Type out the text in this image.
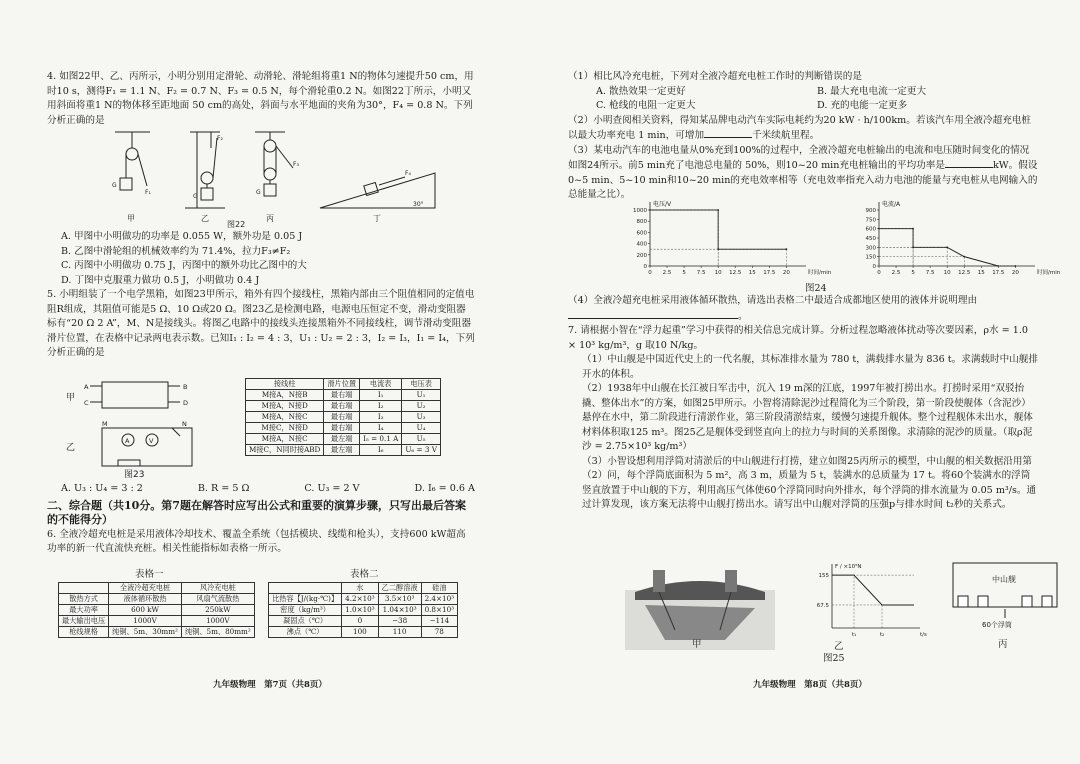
4. 如图22甲、乙、丙所示，小明分别用定滑轮、动滑轮、滑轮组将重1 N的物体匀速提升50 cm，用时10 s，测得F₁ = 1.1 N、F₂ = 0.7 N、F₃ = 0.5 N，每个滑轮重0.2 N。如图22丁所示，小明又用斜面将重1 N的物体移至距地面 50 cm的高处，斜面与水平地面的夹角为30°，F₄ = 0.8 N。下列分析正确的是

G
F₁
G
F₂
G
F₃
F₄
30°
甲	乙	丙	丁
图22

A. 甲图中小明做功的功率是 0.055 W，额外功是 0.05 J

B. 乙图中滑轮组的机械效率约为 71.4%，拉力F₃≠F₂

C. 丙图中小明做功 0.75 J，丙图中的额外功比乙图中的大

D. 丁图中克服重力做功 0.5 J，小明做功 0.4 J

5. 小明组装了一个电学黑箱，如图23甲所示，箱外有四个接线柱，黑箱内部由三个阻值相同的定值电阻R组成，其阻值可能是5 Ω、10 Ω或20 Ω。图23乙是检测电路，电源电压恒定不变，滑动变阻器标有“20 Ω 2 A”，M、N是接线头。将图乙电路中的接线头连接黑箱外不同接线柱，调节滑动变阻器滑片位置，在表格中记录两电表示数。已知I₁ : I₂ = 4 : 3，U₁ : U₂ = 2 : 3，I₂ = I₃，I₁ = I₄，下列分析正确的是

A
C
B
D
M	N
V
A
甲
乙
图23
接线柱	滑片位置	电流表	电压表
M接A，N接B	最右端	I₁	U₁
M接A，N接D	最右端	I₂	U₂
M接A，N接C	最右端	I₃	U₃
M接C，N接D	最右端	I₄	U₄
M接A，N接C	最左端	I₅ = 0.1 A	U₅
M接C，N同时接ABD	最左端	I₆	U₆ = 3 V
A. U₃ : U₄ = 3 : 2	B. R = 5 Ω	C. U₃ = 2 V	D. I₆ = 0.6 A

二、综合题（共10分。第7题在解答时应写出公式和重要的演算步骤，只写出最后答案的不能得分）

6. 全液冷超充电桩是采用液体冷却技术、覆盖全系统（包括模块、线缆和枪头），支持600 kW超高功率的新一代直流快充桩。相关性能指标如表格一所示。

表格一	表格二
	全液冷超充电桩	风冷充电桩
散热方式	液体循环散热	风扇气流散热
最大功率	600 kW	250kW
最大输出电压	1000V	1000V
枪线规格	纯铜、5m、30mm²	纯铜、5m、80mm²
	水	乙二醇溶液	硅油
比热容【J/(kg·℃)】	4.2×10³	3.5×10³	2.4×10³
密度（kg/m³）	1.0×10³	1.04×10³	0.8×10³
凝固点（℃）	0	−38	−114
沸点（℃）	100	110	78
九年级物理　第7页（共8页）

（1）相比风冷充电桩，下列对全液冷超充电桩工作时的判断错误的是

A. 散热效果一定更好	B. 最大充电电流一定更大
C. 枪线的电阻一定更大	D. 充的电能一定更多

（2）小明查阅相关资料，得知某品牌电动汽车实际电耗约为20 kW · h/100km。若该汽车用全液冷超充电桩以最大功率充电 1 min，可增加	千米续航里程。

（3）某电动汽车的电池电量从0%充到100%的过程中，全液冷超充电桩输出的电流和电压随时间变化的情况如图24所示。前5 min充了电池总电量的 50%，则10~20 min充电桩输出的平均功率是	kW。假设0~5 min、5~10 min和10~20 min的充电效率相等（充电效率指充入动力电池的能量与充电桩从电网输入的总能量之比）。

0
200
400
600
800
1000
0 2.5 5 7.5 10 12.5 15 17.5 20
电压/V
时间/min
0
150
300
450
600
750
900
0 2.5 5 7.5 10 12.5 15 17.5 20
电流/A
时间/min
图24

（4）全液冷超充电桩采用液体循环散热，请选出表格二中最适合成都地区使用的液体并说明理由。

7. 请根据小智在“浮力起重”学习中获得的相关信息完成计算。分析过程忽略液体扰动等次要因素，ρ水 = 1.0 × 10³ kg/m³，g 取10 N/kg。

（1）中山舰是中国近代史上的一代名舰，其标准排水量为 780 t，满载排水量为 836 t。求满载时中山舰排开水的体积。

（2）1938年中山舰在长江被日军击中，沉入 19 m深的江底，1997年被打捞出水。打捞时采用“双驳抬撬、整体出水”的方案，如图25甲所示。小智将清除泥沙过程简化为三个阶段，第一阶段使舰体（含泥沙）悬停在水中，第二阶段进行清淤作业，第三阶段清淤结束，缓慢匀速提升舰体。整个过程舰体未出水，舰体材料体积取125 m³。图25乙是舰体受到竖直向上的拉力与时间的关系图像。求清除的泥沙的质量。（取ρ泥沙 = 2.75×10³ kg/m³）

（3）小智设想利用浮筒对清淤后的中山舰进行打捞，建立如图25丙所示的模型，中山舰的相关数据沿用第（2）问，每个浮筒底面积为 5 m²，高 3 m，质量为 5 t，装满水的总质量为 17 t。将60个装满水的浮筒竖直放置于中山舰的下方，利用高压气体使60个浮筒同时向外排水，每个浮筒的排水流量为 0.05 m³/s。通过计算发现，该方案无法将中山舰打捞出水。请写出中山舰对浮筒的压强p与排水时间 t₂秒的关系式。

F / ×10⁵N
t/s
67.5
155
t₁	t₂
中山舰
60个浮筒
甲	乙	丙
图25
九年级物理　第8页（共8页）
